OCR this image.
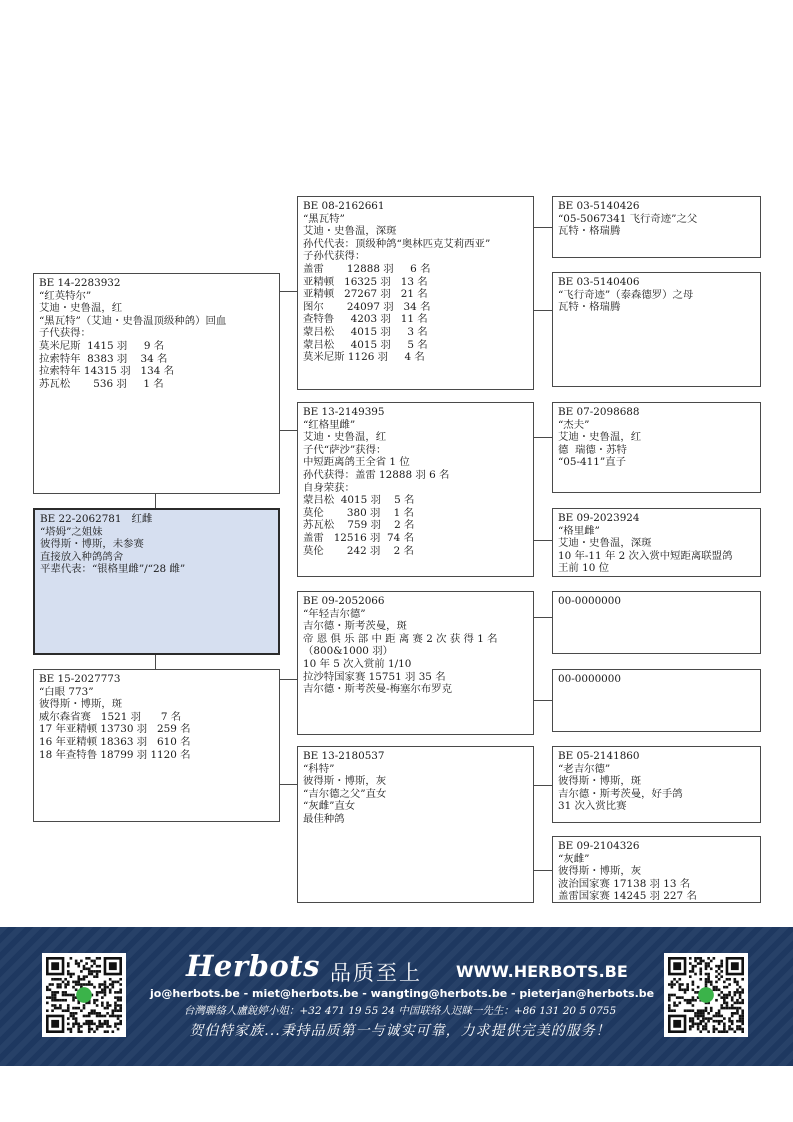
BE 14-2283932
“红英特尔”
艾迪・史鲁温，红
“黑瓦特”（艾迪・史鲁温顶级种鸽）回血
子代获得：
莫米尼斯  1415 羽     9 名
拉索特年  8383 羽    34 名
拉索特年 14315 羽   134 名
苏瓦松       536 羽     1 名
BE 22-2062781   红雌
“塔姆”之姐妹
彼得斯・博斯，未参赛
直接放入种鸽鸽舍
平辈代表：“银格里雌”/“28 雌”
BE 15-2027773
“白眼 773”
彼得斯・博斯，斑
威尔森省赛   1521 羽      7 名
17 年亚精顿 13730 羽   259 名
16 年亚精顿 18363 羽   610 名
18 年查特鲁 18799 羽 1120 名
BE 08-2162661
“黑瓦特”
艾迪・史鲁温，深斑
孙代代表：顶级种鸽“奥林匹克艾莉西亚”
子孙代获得：
盖雷       12888 羽     6 名
亚精顿   16325 羽   13 名
亚精顿   27267 羽   21 名
图尔       24097 羽   34 名
查特鲁     4203 羽   11 名
蒙吕松     4015 羽     3 名
蒙吕松     4015 羽     5 名
莫米尼斯 1126 羽     4 名
BE 13-2149395
“红格里雌”
艾迪・史鲁温，红
子代“萨沙”获得：
中短距离鸽王全省 1 位
孙代获得：盖雷 12888 羽 6 名
自身荣获：
蒙吕松  4015 羽    5 名
莫伦       380 羽    1 名
苏瓦松    759 羽    2 名
盖雷   12516 羽  74 名
莫伦       242 羽    2 名
BE 09-2052066
“年轻吉尔德”
吉尔德・斯考茨曼，斑
帝 恩 俱 乐 部 中 距 离 赛 2 次 获 得 1 名
（800&1000 羽）
10 年 5 次入赏前 1/10
拉沙特国家赛 15751 羽 35 名
吉尔德・斯考茨曼-梅塞尔布罗克
BE 13-2180537
“科特”
彼得斯・博斯，灰
“吉尔德之父”直女
“灰雌”直女
最佳种鸽
BE 03-5140426
“05-5067341 飞行奇迹”之父
瓦特・格瑞腾
BE 03-5140406
“飞行奇迹”（泰森德罗）之母
瓦特・格瑞腾
BE 07-2098688
“杰夫”
艾迪・史鲁温，红
德  瑞德・苏特
“05-411”直子
BE 09-2023924
“格里雌”
艾迪・史鲁温，深斑
10 年-11 年 2 次入赏中短距离联盟鸽
王前 10 位
00-0000000
00-0000000
BE 05-2141860
“老吉尔德”
彼得斯・博斯，斑
吉尔德・斯考茨曼，好手鸽
31 次入赏比赛
BE 09-2104326
“灰雌”
彼得斯・博斯，灰
波治国家赛 17138 羽 13 名
盖雷国家赛 14245 羽 227 名
Herbots 品质至上 WWW.HERBOTS.BE
jo@herbots.be - miet@herbots.be - wangting@herbots.be - pieterjan@herbots.be
台灣聯絡人盧銳婷小姐：+32 471 19 55 24 中国联络人迟睐一先生：+86 131 20 5 0755
贺伯特家族...秉持品质第一与诚实可靠，力求提供完美的服务！
